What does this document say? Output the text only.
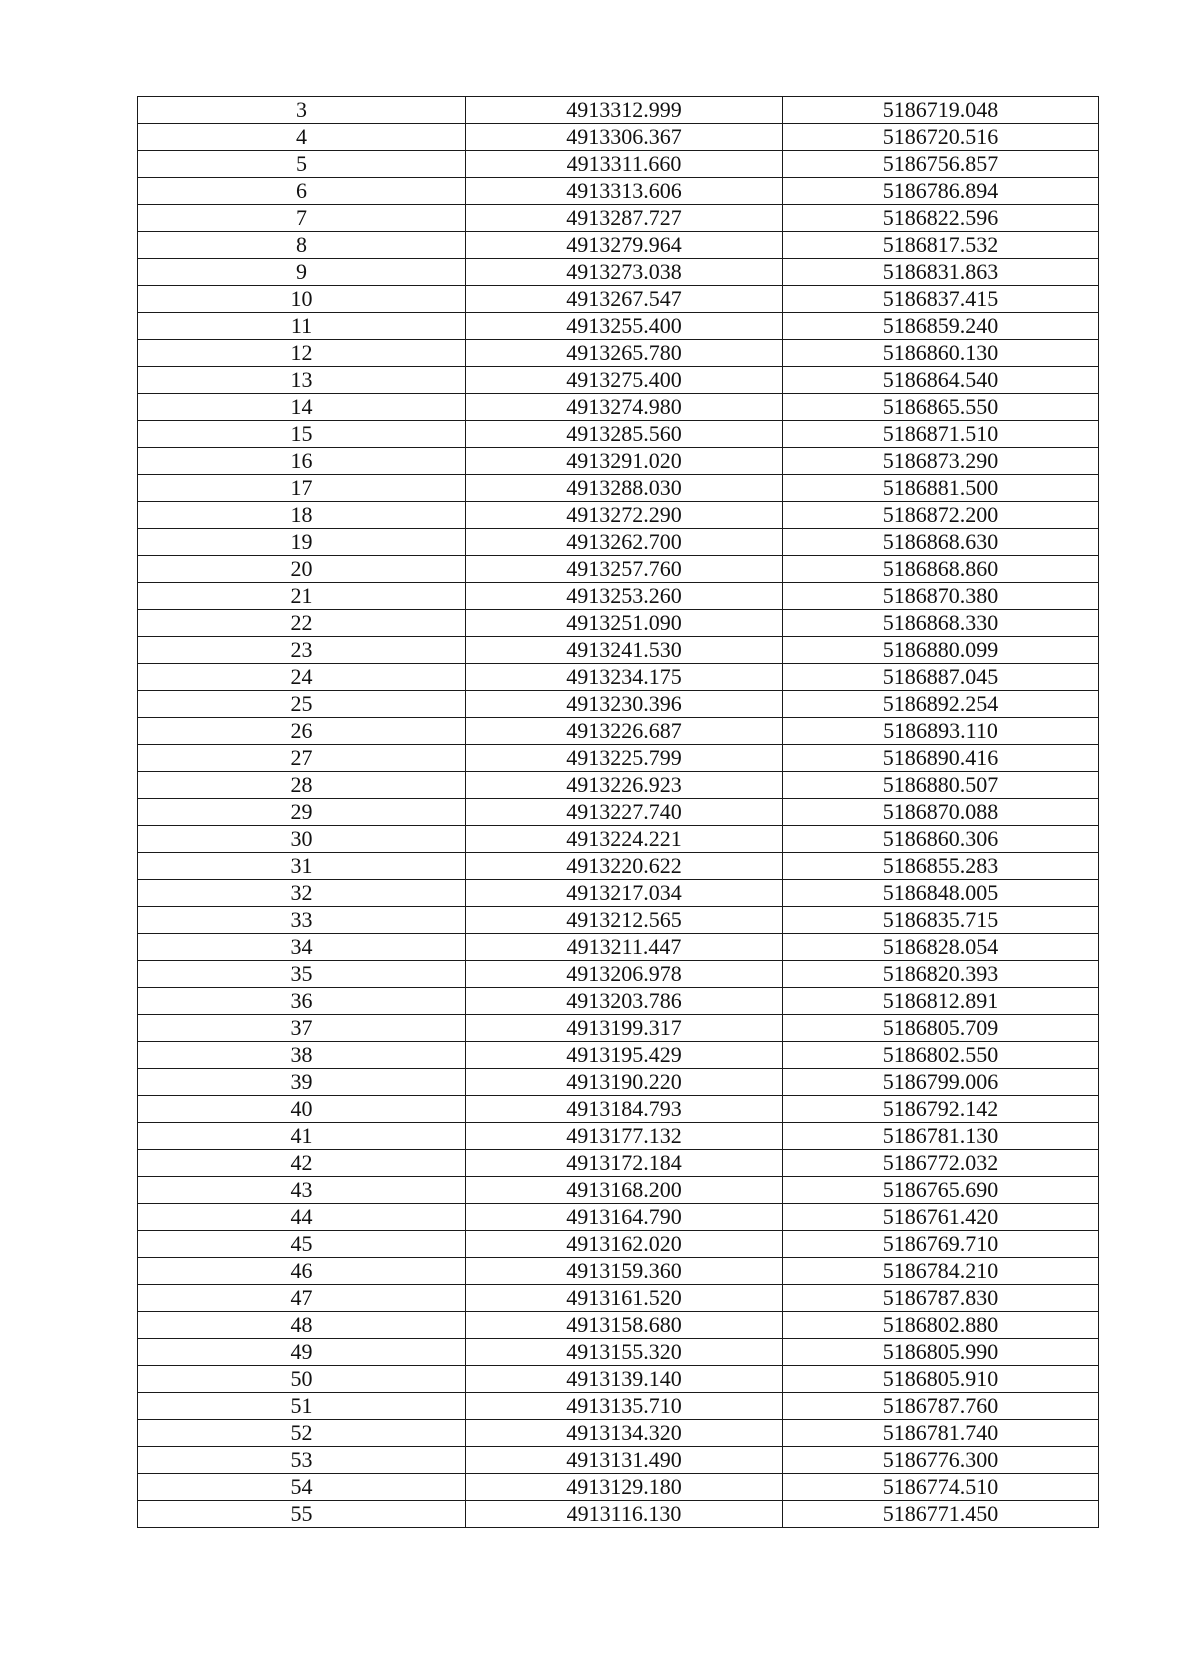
3	4913312.999	5186719.048
4	4913306.367	5186720.516
5	4913311.660	5186756.857
6	4913313.606	5186786.894
7	4913287.727	5186822.596
8	4913279.964	5186817.532
9	4913273.038	5186831.863
10	4913267.547	5186837.415
11	4913255.400	5186859.240
12	4913265.780	5186860.130
13	4913275.400	5186864.540
14	4913274.980	5186865.550
15	4913285.560	5186871.510
16	4913291.020	5186873.290
17	4913288.030	5186881.500
18	4913272.290	5186872.200
19	4913262.700	5186868.630
20	4913257.760	5186868.860
21	4913253.260	5186870.380
22	4913251.090	5186868.330
23	4913241.530	5186880.099
24	4913234.175	5186887.045
25	4913230.396	5186892.254
26	4913226.687	5186893.110
27	4913225.799	5186890.416
28	4913226.923	5186880.507
29	4913227.740	5186870.088
30	4913224.221	5186860.306
31	4913220.622	5186855.283
32	4913217.034	5186848.005
33	4913212.565	5186835.715
34	4913211.447	5186828.054
35	4913206.978	5186820.393
36	4913203.786	5186812.891
37	4913199.317	5186805.709
38	4913195.429	5186802.550
39	4913190.220	5186799.006
40	4913184.793	5186792.142
41	4913177.132	5186781.130
42	4913172.184	5186772.032
43	4913168.200	5186765.690
44	4913164.790	5186761.420
45	4913162.020	5186769.710
46	4913159.360	5186784.210
47	4913161.520	5186787.830
48	4913158.680	5186802.880
49	4913155.320	5186805.990
50	4913139.140	5186805.910
51	4913135.710	5186787.760
52	4913134.320	5186781.740
53	4913131.490	5186776.300
54	4913129.180	5186774.510
55	4913116.130	5186771.450
